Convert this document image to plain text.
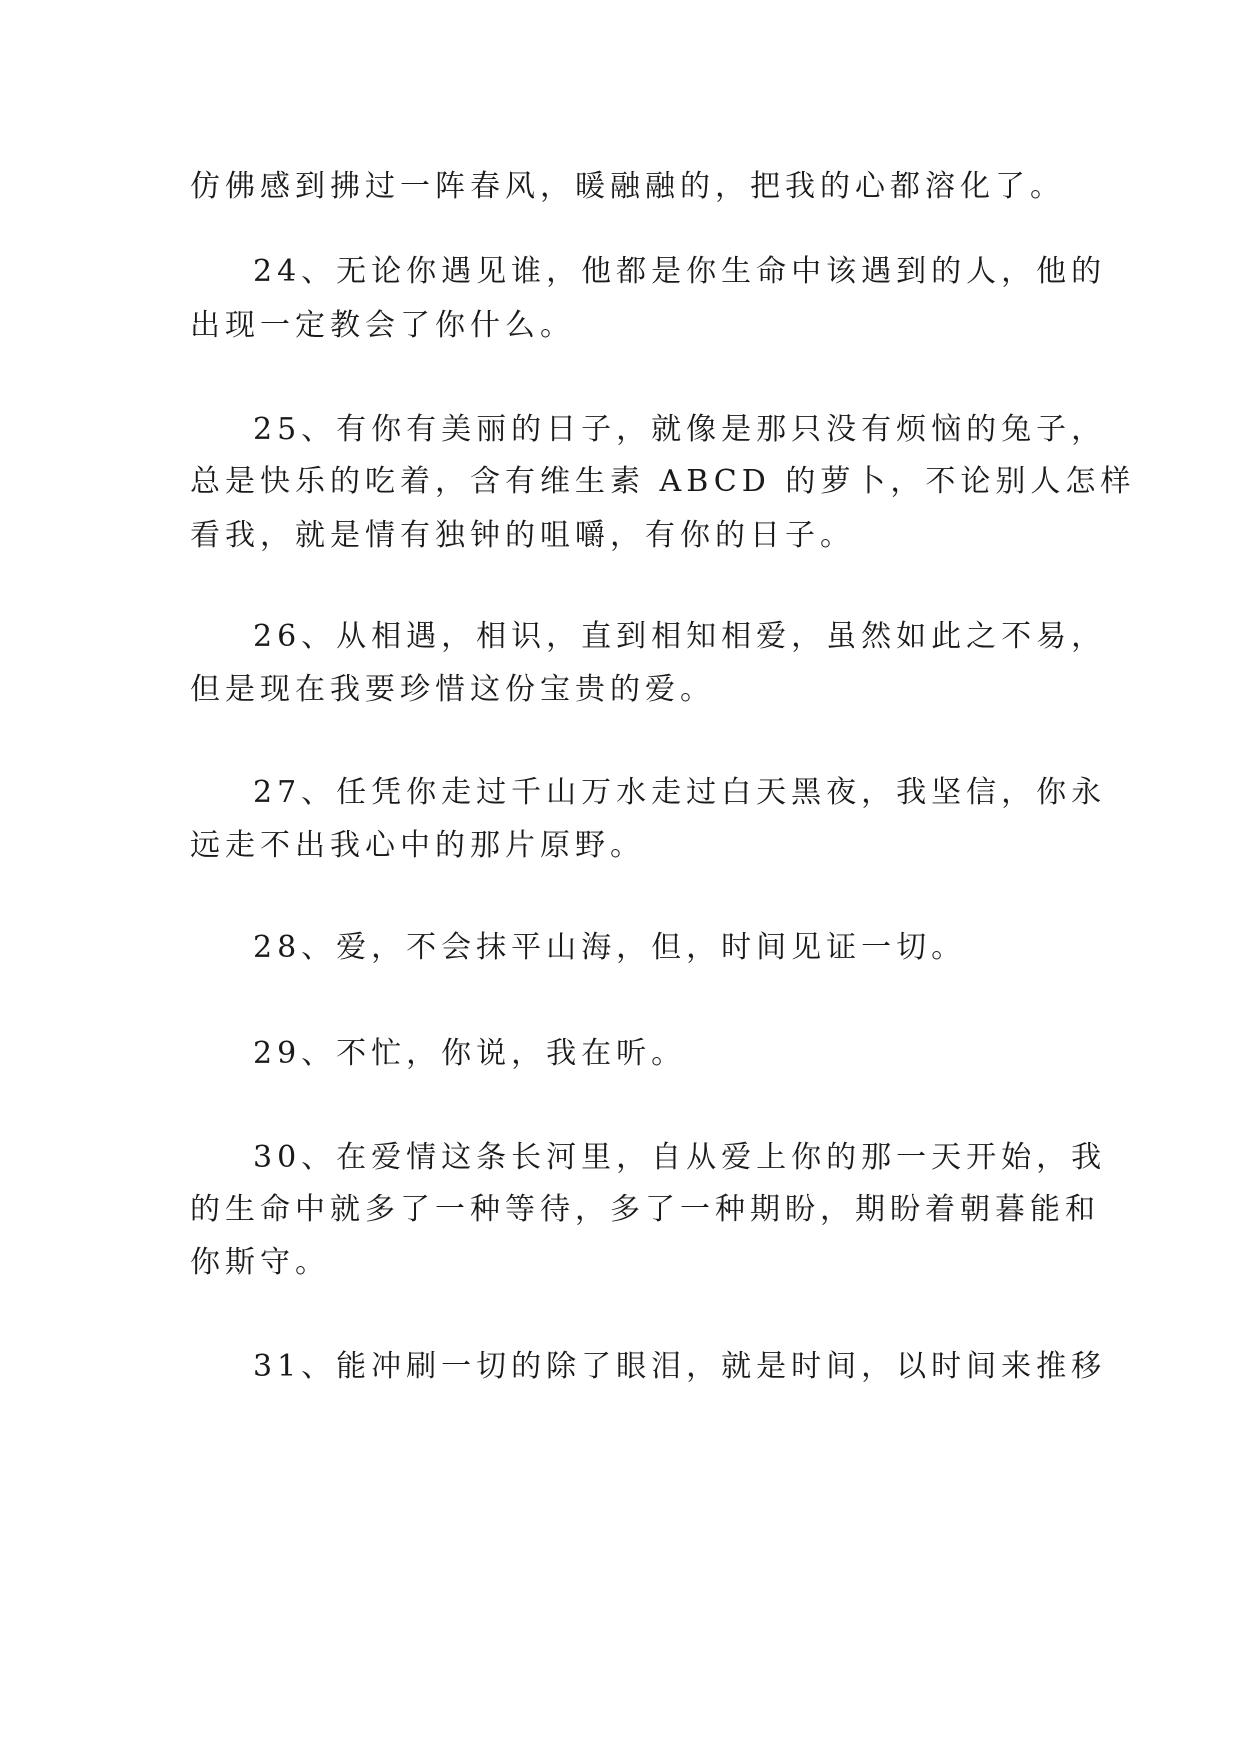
仿佛感到拂过一阵春风，暖融融的，把我的心都溶化了。
24、无论你遇见谁，他都是你生命中该遇到的人，他的
出现一定教会了你什么。
25、有你有美丽的日子，就像是那只没有烦恼的兔子，
总是快乐的吃着，含有维生素 ABCD 的萝卜，不论别人怎样
看我，就是情有独钟的咀嚼，有你的日子。
26、从相遇，相识，直到相知相爱，虽然如此之不易，
但是现在我要珍惜这份宝贵的爱。
27、任凭你走过千山万水走过白天黑夜，我坚信，你永
远走不出我心中的那片原野。
28、爱，不会抹平山海，但，时间见证一切。
29、不忙，你说，我在听。
30、在爱情这条长河里，自从爱上你的那一天开始，我
的生命中就多了一种等待，多了一种期盼，期盼着朝暮能和
你斯守。
31、能冲刷一切的除了眼泪，就是时间，以时间来推移
